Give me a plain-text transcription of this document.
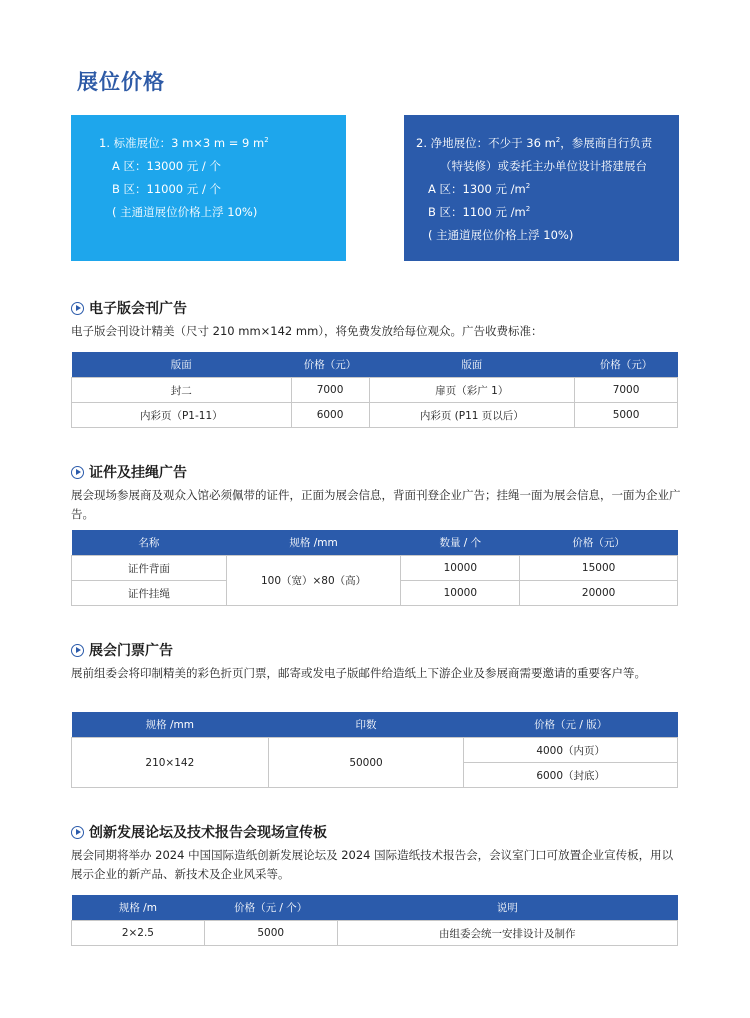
展位价格
1. 标准展位：3 m×3 m = 9 $m^2$
A 区：13000 元 / 个
B 区：11000 元 / 个
( 主通道展位价格上浮 10%)
2. 净地展位：不少于 36 $m^2$，参展商自行负责
（特装修）或委托主办单位设计搭建展台
A 区：1300 元 $/m^2$
B 区：1100 元 $/m^2$
( 主通道展位价格上浮 10%)
电子版会刊广告
电子版会刊设计精美（尺寸 210 mm×142 mm），将免费发放给每位观众。广告收费标准：
版面	价格（元）	版面	价格（元）
封二	7000	扉页（彩广 1）	7000
内彩页（P1-11）	6000	内彩页 (P11 页以后）	5000
证件及挂绳广告
展会现场参展商及观众入馆必须佩带的证件，正面为展会信息，背面刊登企业广告；挂绳一面为展会信息，一面为企业广告。
名称	规格 /mm	数量 / 个	价格（元）
证件背面	100（宽）×80（高）	10000	15000
证件挂绳		10000	20000
展会门票广告
展前组委会将印制精美的彩色折页门票，邮寄或发电子版邮件给造纸上下游企业及参展商需要邀请的重要客户等。
规格 /mm	印数	价格（元 / 版）
210×142	50000	4000（内页）
		6000（封底）
创新发展论坛及技术报告会现场宣传板
展会同期将举办 2024 中国国际造纸创新发展论坛及 2024 国际造纸技术报告会，会议室门口可放置企业宣传板，用以展示企业的新产品、新技术及企业风采等。
规格 /m	价格（元 / 个）	说明
2×2.5	5000	由组委会统一安排设计及制作
